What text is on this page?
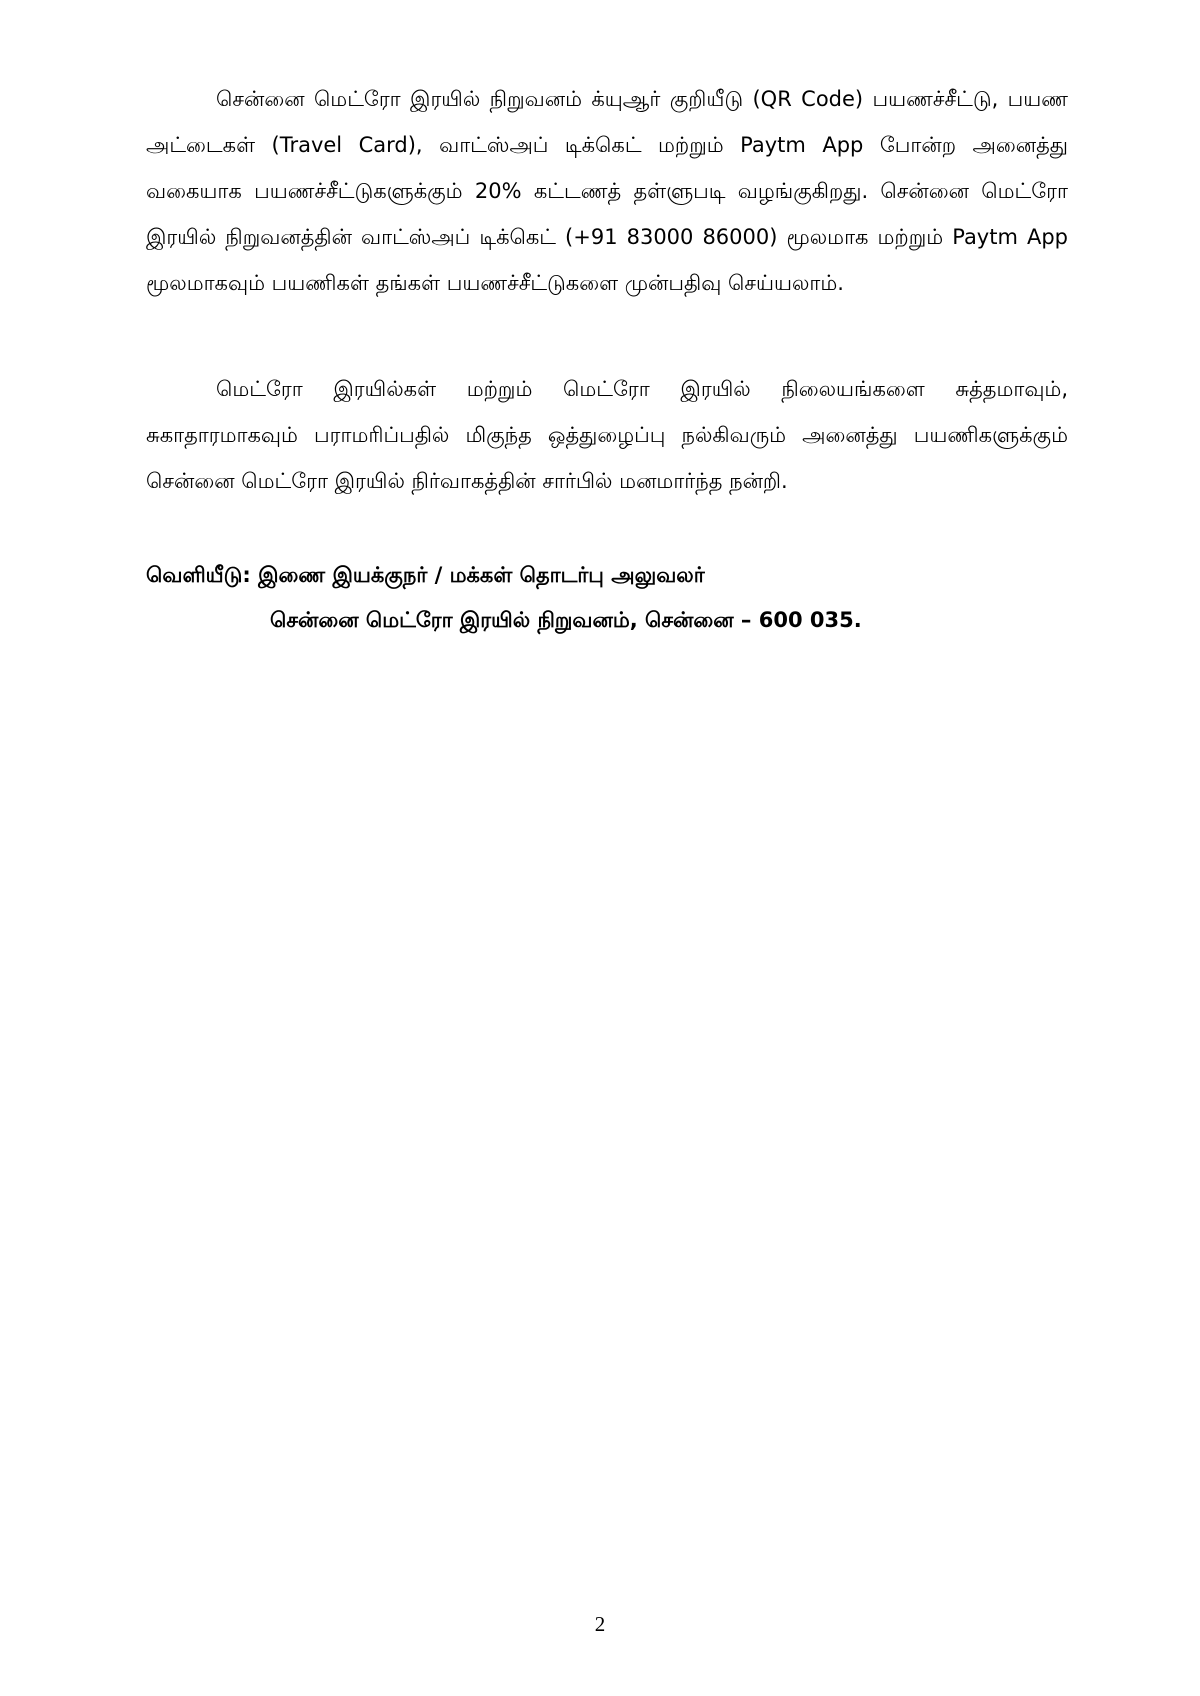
சென்னை மெட்ரோ இரயில் நிறுவனம் க்யுஆர் குறியீடு (QR Code) பயணச்சீட்டு, பயண அட்டைகள் (Travel Card), வாட்ஸ்அப் டிக்கெட் மற்றும் Paytm App போன்ற அனைத்து வகையாக பயணச்சீட்டுகளுக்கும் 20% கட்டணத் தள்ளுபடி வழங்குகிறது. சென்னை மெட்ரோ இரயில் நிறுவனத்தின் வாட்ஸ்அப் டிக்கெட் (+91 83000 86000) மூலமாக மற்றும் Paytm App மூலமாகவும் பயணிகள் தங்கள் பயணச்சீட்டுகளை முன்பதிவு செய்யலாம்.

மெட்ரோ இரயில்கள் மற்றும் மெட்ரோ இரயில் நிலையங்களை சுத்தமாவும், சுகாதாரமாகவும் பராமரிப்பதில் மிகுந்த ஒத்துழைப்பு நல்கிவரும் அனைத்து பயணிகளுக்கும் சென்னை மெட்ரோ இரயில் நிர்வாகத்தின் சார்பில் மனமார்ந்த நன்றி.

வெளியீடு: இணை இயக்குநர் / மக்கள் தொடர்பு அலுவலர்
சென்னை மெட்ரோ இரயில் நிறுவனம், சென்னை – 600 035.
2
